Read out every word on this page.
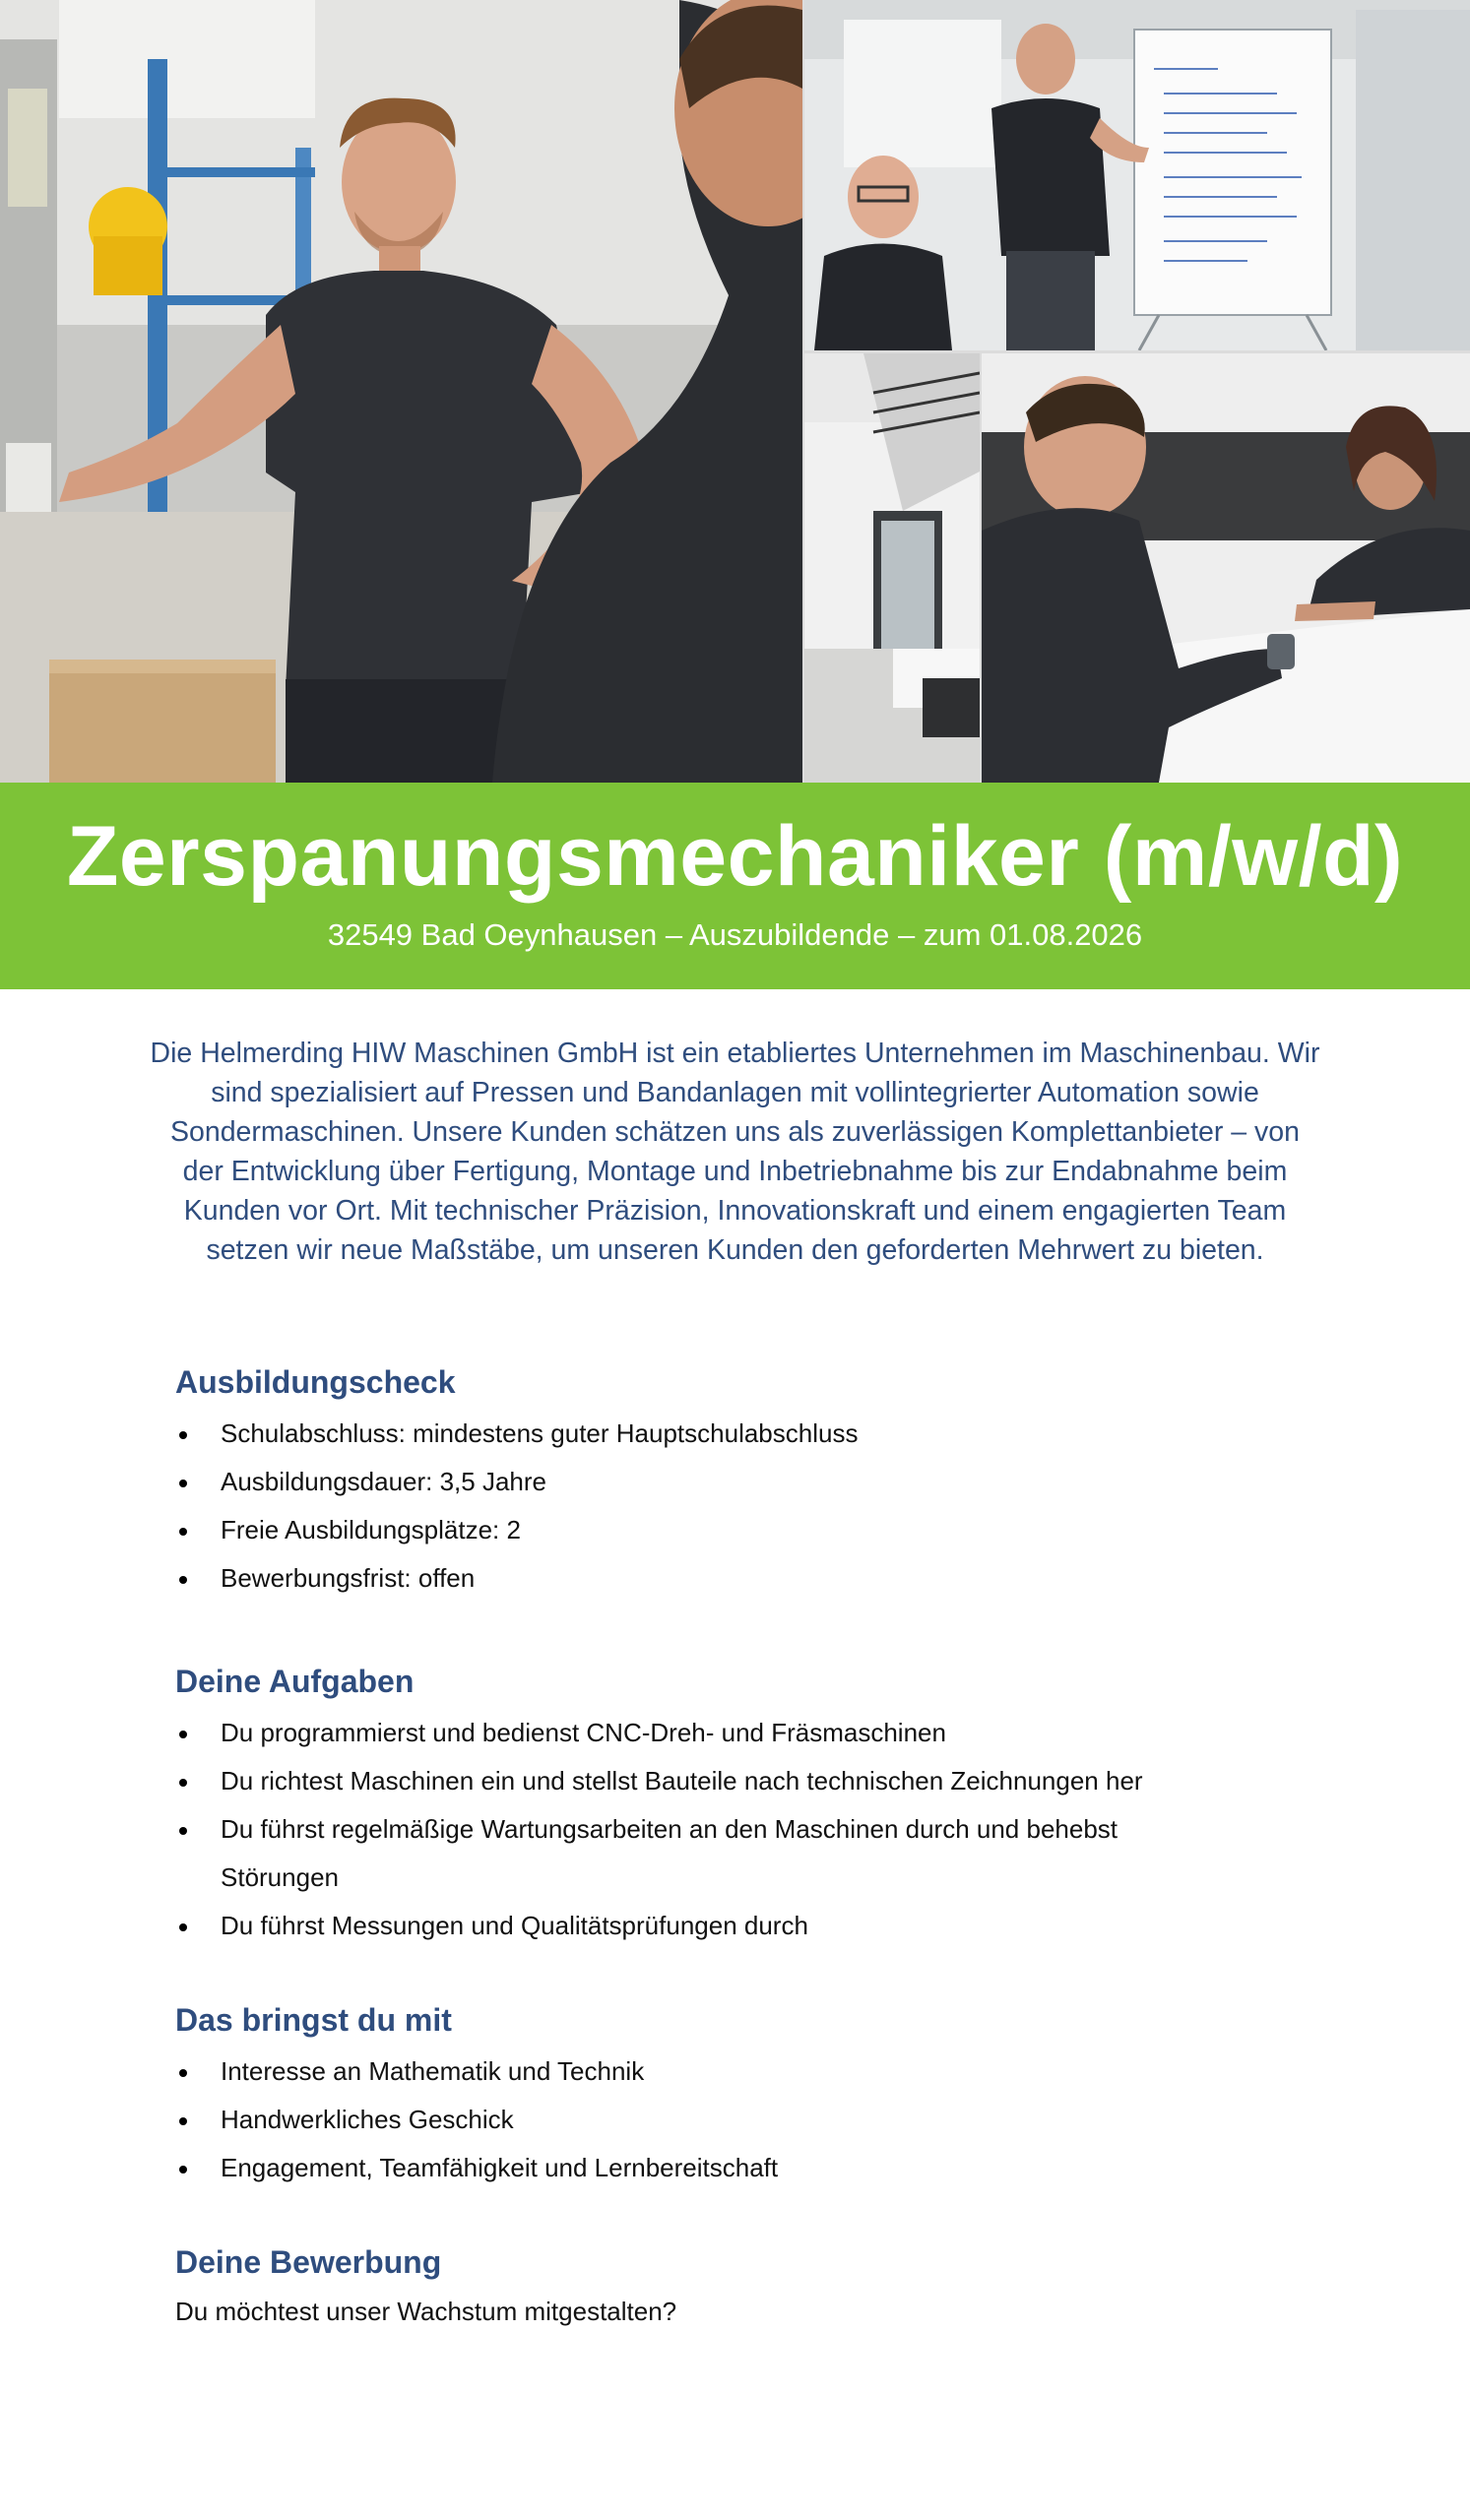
Zerspanungsmechaniker (m/w/d)
32549 Bad Oeynhausen – Auszubildende – zum 01.08.2026

Die Helmerding HIW Maschinen GmbH ist ein etabliertes Unternehmen im Maschinenbau. Wir sind spezialisiert auf Pressen und Bandanlagen mit vollintegrierter Automation sowie Sondermaschinen. Unsere Kunden schätzen uns als zuverlässigen Komplettanbieter – von der Entwicklung über Fertigung, Montage und Inbetriebnahme bis zur Endabnahme beim Kunden vor Ort. Mit technischer Präzision, Innovationskraft und einem engagierten Team setzen wir neue Maßstäbe, um unseren Kunden den geforderten Mehrwert zu bieten.

Ausbildungscheck
Schulabschluss: mindestens guter Hauptschulabschluss
Ausbildungsdauer: 3,5 Jahre
Freie Ausbildungsplätze: 2
Bewerbungsfrist: offen
Deine Aufgaben
Du programmierst und bedienst CNC-Dreh- und Fräsmaschinen
Du richtest Maschinen ein und stellst Bauteile nach technischen Zeichnungen her
Du führst regelmäßige Wartungsarbeiten an den Maschinen durch und behebst Störungen
Du führst Messungen und Qualitätsprüfungen durch
Das bringst du mit
Interesse an Mathematik und Technik
Handwerkliches Geschick
Engagement, Teamfähigkeit und Lernbereitschaft
Deine Bewerbung

Du möchtest unser Wachstum mitgestalten?
